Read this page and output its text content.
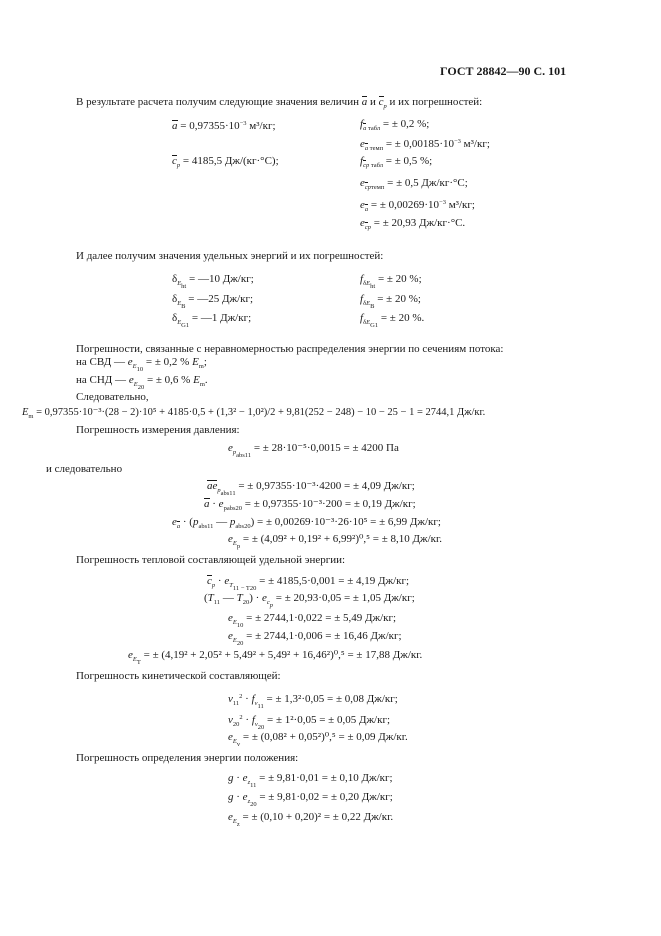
ГОСТ 28842—90 С. 101
В результате расчета получим следующие значения величин a и $c_p$ и их погрешностей:
$a = 0,97355\cdot 10^{-3}$ м³/кг;
$c_p = 4185,5$ Дж/(кг·°С);
$f_{a табл}$ = ± 0,2 %;
$e_{a темп}$ = ± $0,00185\cdot 10^{-3}$ м³/кг;
$f_{cp табл}$ = ± 0,5 %;
$e_{cpтемп}$ = ± 0,5 Дж/кг·°С;
$e_a$ = ± $0,00269\cdot 10^{-3}$ м³/кг;
$e_{cp}$ = ± 20,93 Дж/кг·°С.
И далее получим значения удельных энергий и их погрешностей:
$\delta_{Eht}$ = —10 Дж/кг;
$\delta_{EB}$ = —25 Дж/кг;
$\delta_{EG1}$ = —1 Дж/кг;
$f_{\delta Eht}$ = ± 20 %;
$f_{\delta EB}$ = ± 20 %;
$f_{\delta EG1}$ = ± 20 %.
Погрешности, связанные с неравномерностью распределения энергии по сечениям потока:
на СВД — $e_{E10}$ = ± 0,2 % $E_m$;
на СНД — $e_{E20}$ = ± 0,6 % $E_m$.
Следовательно,
$E_m = 0,97355\cdot 10^{-3}\cdot(28 - 2)\cdot 10^5 + 4185\cdot 0,5 + (1,3^2 - 1,0^2)/2 + 9,81(252 - 248) - 10 - 25 - 1 = 2744,1$ Дж/кг.
Погрешность измерения давления:
$e_{pabs11}$ = ± 28·10⁻⁵·0,0015 = ± 4200 Па
и следовательно
$ae_{pabs11}$ = ± 0,97355·10⁻³·4200 = ± 4,09 Дж/кг;
$a \cdot e_{pabs20}$ = ± 0,97355·10⁻³·200 = ± 0,19 Дж/кг;
$e_a \cdot (p_{abs11}$ — $p_{abs20}$) = ± 0,00269·10⁻³·26·10⁵ = ± 6,99 Дж/кг;
$e_{Ep}$ = ± (4,09² + 0,19² + 6,99²)⁰,⁵ = ± 8,10 Дж/кг.
Погрешность тепловой составляющей удельной энергии:
$c_p \cdot e_{T11 - T20}$ = ± 4185,5·0,001 = ± 4,19 Дж/кг;
($T_{11}$ — $T_{20}) \cdot e_{cp}$ = ± 20,93·0,05 = ± 1,05 Дж/кг;
$e_{E10}$ = ± 2744,1·0,022 = ± 5,49 Дж/кг;
$e_{E20}$ = ± 2744,1·0,006 = ± 16,46 Дж/кг;
$e_{ET}$ = ± (4,19² + 2,05² + 5,49² + 5,49² + 16,46²)⁰,⁵ = ± 17,88 Дж/кг.
Погрешность кинетической составляющей:
$v_{11}^2 \cdot f_{v11}$ = ± 1,3²·0,05 = ± 0,08 Дж/кг;
$v_{20}^2 \cdot f_{v20}$ = ± 1²·0,05 = ± 0,05 Дж/кг;
$e_{Ev}$ = ± (0,08² + 0,05²)⁰,⁵ = ± 0,09 Дж/кг.
Погрешность определения энергии положения:
$g \cdot e_{z11}$ = ± 9,81·0,01 = ± 0,10 Дж/кг;
$g \cdot e_{z20}$ = ± 9,81·0,02 = ± 0,20 Дж/кг;
$e_{Ez}$ = ± (0,10 + 0,20)² = ± 0,22 Дж/кг.
